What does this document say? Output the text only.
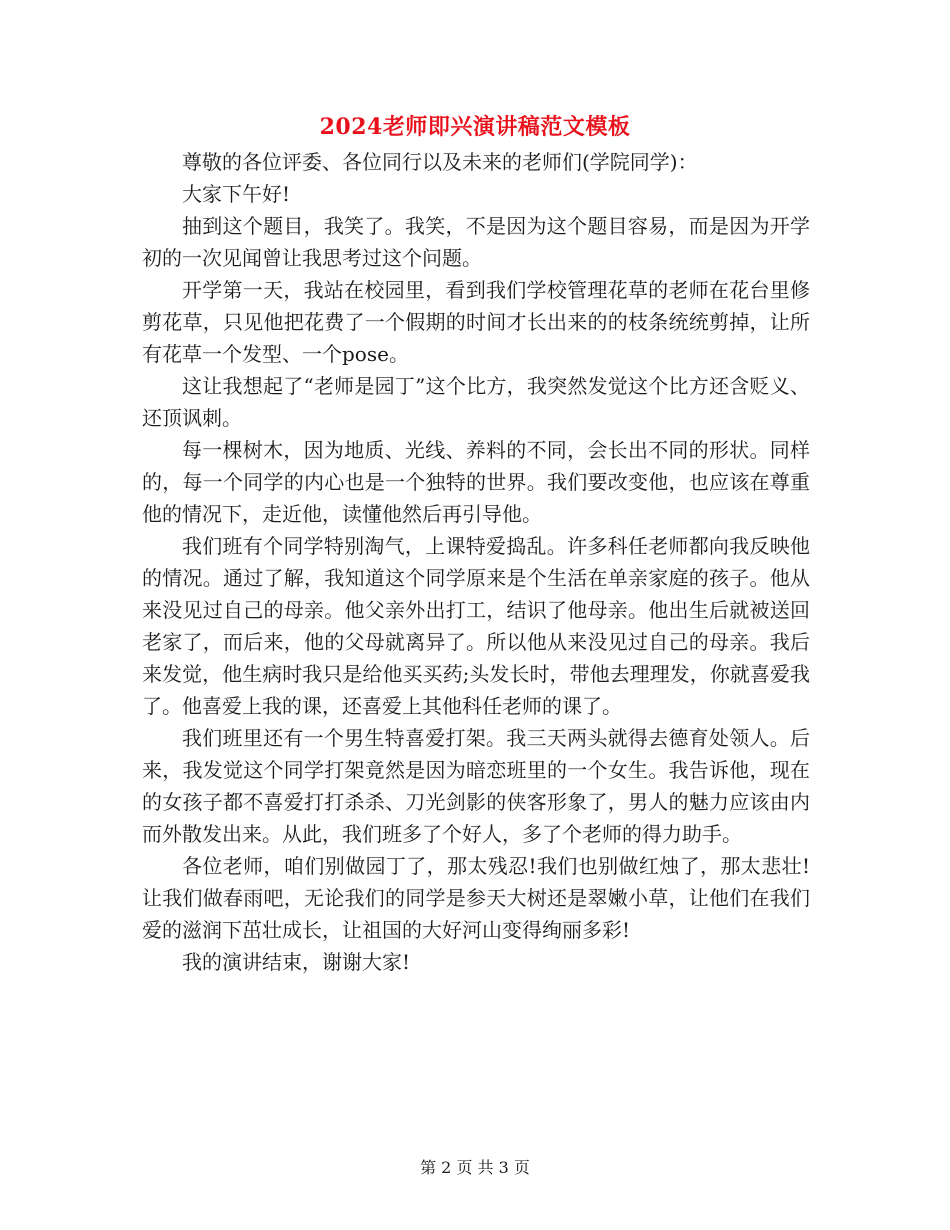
2024老师即兴演讲稿范文模板

尊敬的各位评委、各位同行以及未来的老师们(学院同学)：

大家下午好!

抽到这个题目，我笑了。我笑，不是因为这个题目容易，而是因为开学初的一次见闻曾让我思考过这个问题。

开学第一天，我站在校园里，看到我们学校管理花草的老师在花台里修剪花草，只见他把花费了一个假期的时间才长出来的的枝条统统剪掉，让所有花草一个发型、一个pose。

这让我想起了“老师是园丁”这个比方，我突然发觉这个比方还含贬义、还顶讽刺。

每一棵树木，因为地质、光线、养料的不同，会长出不同的形状。同样的，每一个同学的内心也是一个独特的世界。我们要改变他，也应该在尊重他的情况下，走近他，读懂他然后再引导他。

我们班有个同学特别淘气，上课特爱捣乱。许多科任老师都向我反映他的情况。通过了解，我知道这个同学原来是个生活在单亲家庭的孩子。他从来没见过自己的母亲。他父亲外出打工，结识了他母亲。他出生后就被送回老家了，而后来，他的父母就离异了。所以他从来没见过自己的母亲。我后来发觉，他生病时我只是给他买买药;头发长时，带他去理理发，你就喜爱我了。他喜爱上我的课，还喜爱上其他科任老师的课了。

我们班里还有一个男生特喜爱打架。我三天两头就得去德育处领人。后来，我发觉这个同学打架竟然是因为暗恋班里的一个女生。我告诉他，现在的女孩子都不喜爱打打杀杀、刀光剑影的侠客形象了，男人的魅力应该由内而外散发出来。从此，我们班多了个好人，多了个老师的得力助手。

各位老师，咱们别做园丁了，那太残忍!我们也别做红烛了，那太悲壮!让我们做春雨吧，无论我们的同学是参天大树还是翠嫩小草，让他们在我们爱的滋润下茁壮成长，让祖国的大好河山变得绚丽多彩!

我的演讲结束，谢谢大家!

第 2 页 共 3 页
